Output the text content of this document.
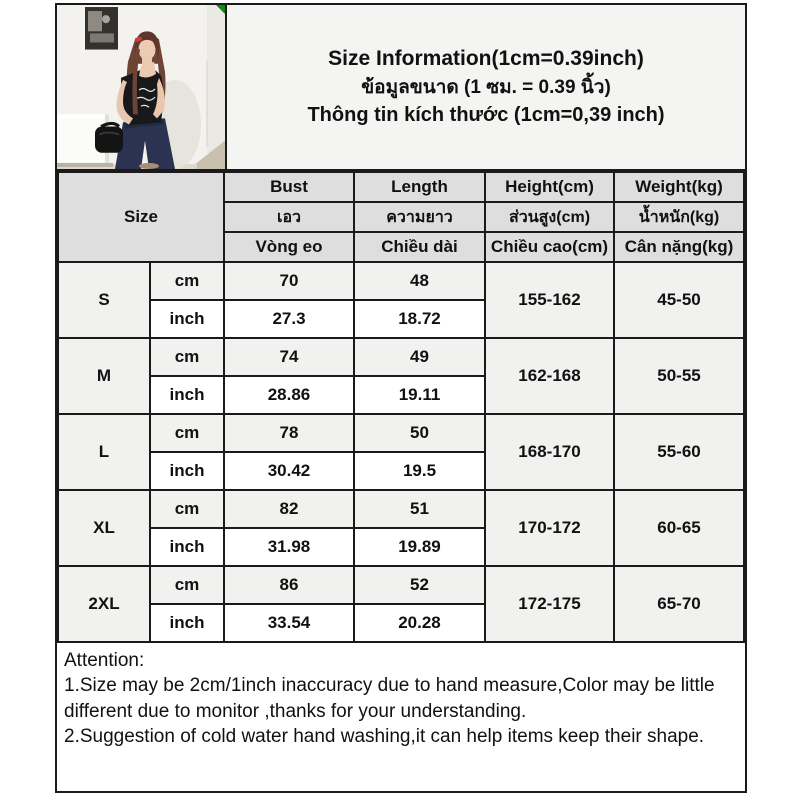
Size Information(1cm=0.39inch)
ข้อมูลขนาด (1 ซม. = 0.39 นิ้ว)
Thông tin kích thước (1cm=0,39 inch)
Size		Bust	Length	Height(cm)	Weight(kg)
		เอว	ความยาว	ส่วนสูง(cm)	น้ำหนัก(kg)
		Vòng eo	Chiều dài	Chiều cao(cm)	Cân nặng(kg)
S	cm	70	48	155-162	45-50
	inch	27.3	18.72		
M	cm	74	49	162-168	50-55
	inch	28.86	19.11		
L	cm	78	50	168-170	55-60
	inch	30.42	19.5		
XL	cm	82	51	170-172	60-65
	inch	31.98	19.89		
2XL	cm	86	52	172-175	65-70
	inch	33.54	20.28		
Attention:
1.Size may be 2cm/1inch inaccuracy due to hand measure,Color may be little different due to monitor ,thanks for your understanding.
2.Suggestion of cold water hand washing,it can help items keep their shape.
